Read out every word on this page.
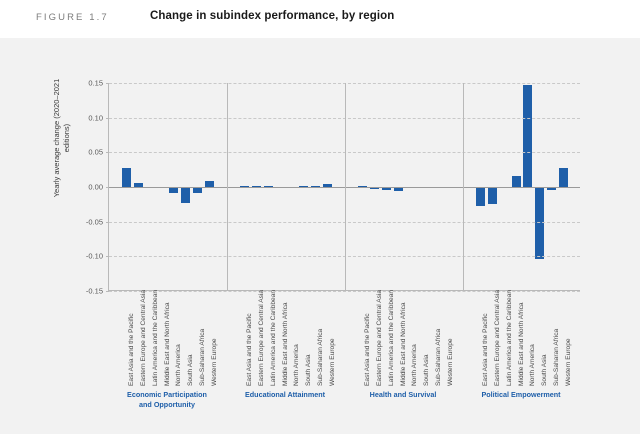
FIGURE 1.7	Change in subindex performance, by region
Yearly average change (2020–2021 editions)
0.15
0.10
0.05
0.00
-0.05
-0.10
-0.15
East Asia and the Pacific Eastern Europe and Central Asia Latin America and the Caribbean Middle East and North Africa North America South Asia Sub-Saharan Africa Western Europe	East Asia and the Pacific Eastern Europe and Central Asia Latin America and the Caribbean Middle East and North Africa North America South Asia Sub-Saharan Africa Western Europe	East Asia and the Pacific Eastern Europe and Central Asia Latin America and the Caribbean Middle East and North Africa North America South Asia Sub-Saharan Africa Western Europe	East Asia and the Pacific Eastern Europe and Central Asia Latin America and the Caribbean Middle East and North Africa North America South Asia Sub-Saharan Africa Western Europe
Economic Participation
and Opportunity
Educational Attainment	Health and Survival	Political Empowerment
